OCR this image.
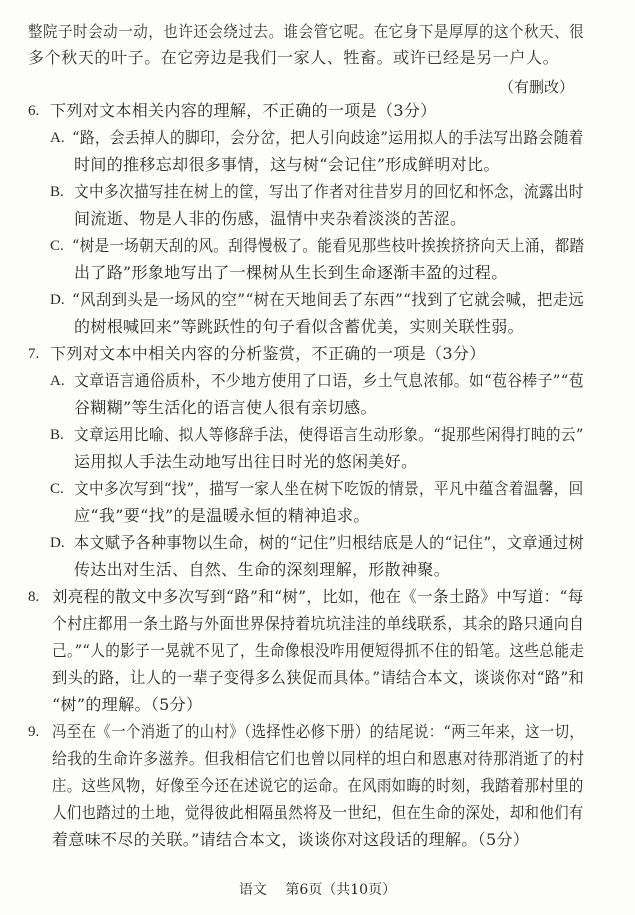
整院子时会动一动，也许还会绕过去。谁会管它呢。在它身下是厚厚的这个秋天、很
多个秋天的叶子。在它旁边是我们一家人、牲畜。或许已经是另一户人。
（有删改）
6. 下列对文本相关内容的理解，不正确的一项是（3分）
A. “路，会丢掉人的脚印，会分岔，把人引向歧途”运用拟人的手法写出路会随着
时间的推移忘却很多事情，这与树“会记住”形成鲜明对比。
B. 文中多次描写挂在树上的筐，写出了作者对往昔岁月的回忆和怀念，流露出时
间流逝、物是人非的伤感，温情中夹杂着淡淡的苦涩。
C. “树是一场朝天刮的风。刮得慢极了。能看见那些枝叶挨挨挤挤向天上涌，都踏
出了路”形象地写出了一棵树从生长到生命逐渐丰盈的过程。
D. “风刮到头是一场风的空”“树在天地间丢了东西”“找到了它就会喊，把走远
的树根喊回来”等跳跃性的句子看似含蓄优美，实则关联性弱。
7. 下列对文本中相关内容的分析鉴赏，不正确的一项是（3分）
A. 文章语言通俗质朴，不少地方使用了口语，乡土气息浓郁。如“苞谷棒子”“苞
谷糊糊”等生活化的语言使人很有亲切感。
B. 文章运用比喻、拟人等修辞手法，使得语言生动形象。“捉那些闲得打盹的云”
运用拟人手法生动地写出往日时光的悠闲美好。
C. 文中多次写到“找”，描写一家人坐在树下吃饭的情景，平凡中蕴含着温馨，回
应“我”要“找”的是温暖永恒的精神追求。
D. 本文赋予各种事物以生命，树的“记住”归根结底是人的“记住”，文章通过树
传达出对生活、自然、生命的深刻理解，形散神聚。
8. 刘亮程的散文中多次写到“路”和“树”，比如，他在《一条土路》中写道：“每
个村庄都用一条土路与外面世界保持着坑坑洼洼的单线联系，其余的路只通向自
己。”“人的影子一晃就不见了，生命像根没咋用便短得抓不住的铅笔。这些总能走
到头的路，让人的一辈子变得多么狭促而具体。”请结合本文，谈谈你对“路”和
“树”的理解。（5分）
9. 冯至在《一个消逝了的山村》（选择性必修下册）的结尾说：“两三年来，这一切，
给我的生命许多滋养。但我相信它们也曾以同样的坦白和恩惠对待那消逝了的村
庄。这些风物，好像至今还在述说它的运命。在风雨如晦的时刻，我踏着那村里的
人们也踏过的土地，觉得彼此相隔虽然将及一世纪，但在生命的深处，却和他们有
着意味不尽的关联。”请结合本文，谈谈你对这段话的理解。（5分）
语文 第6页（共10页）
